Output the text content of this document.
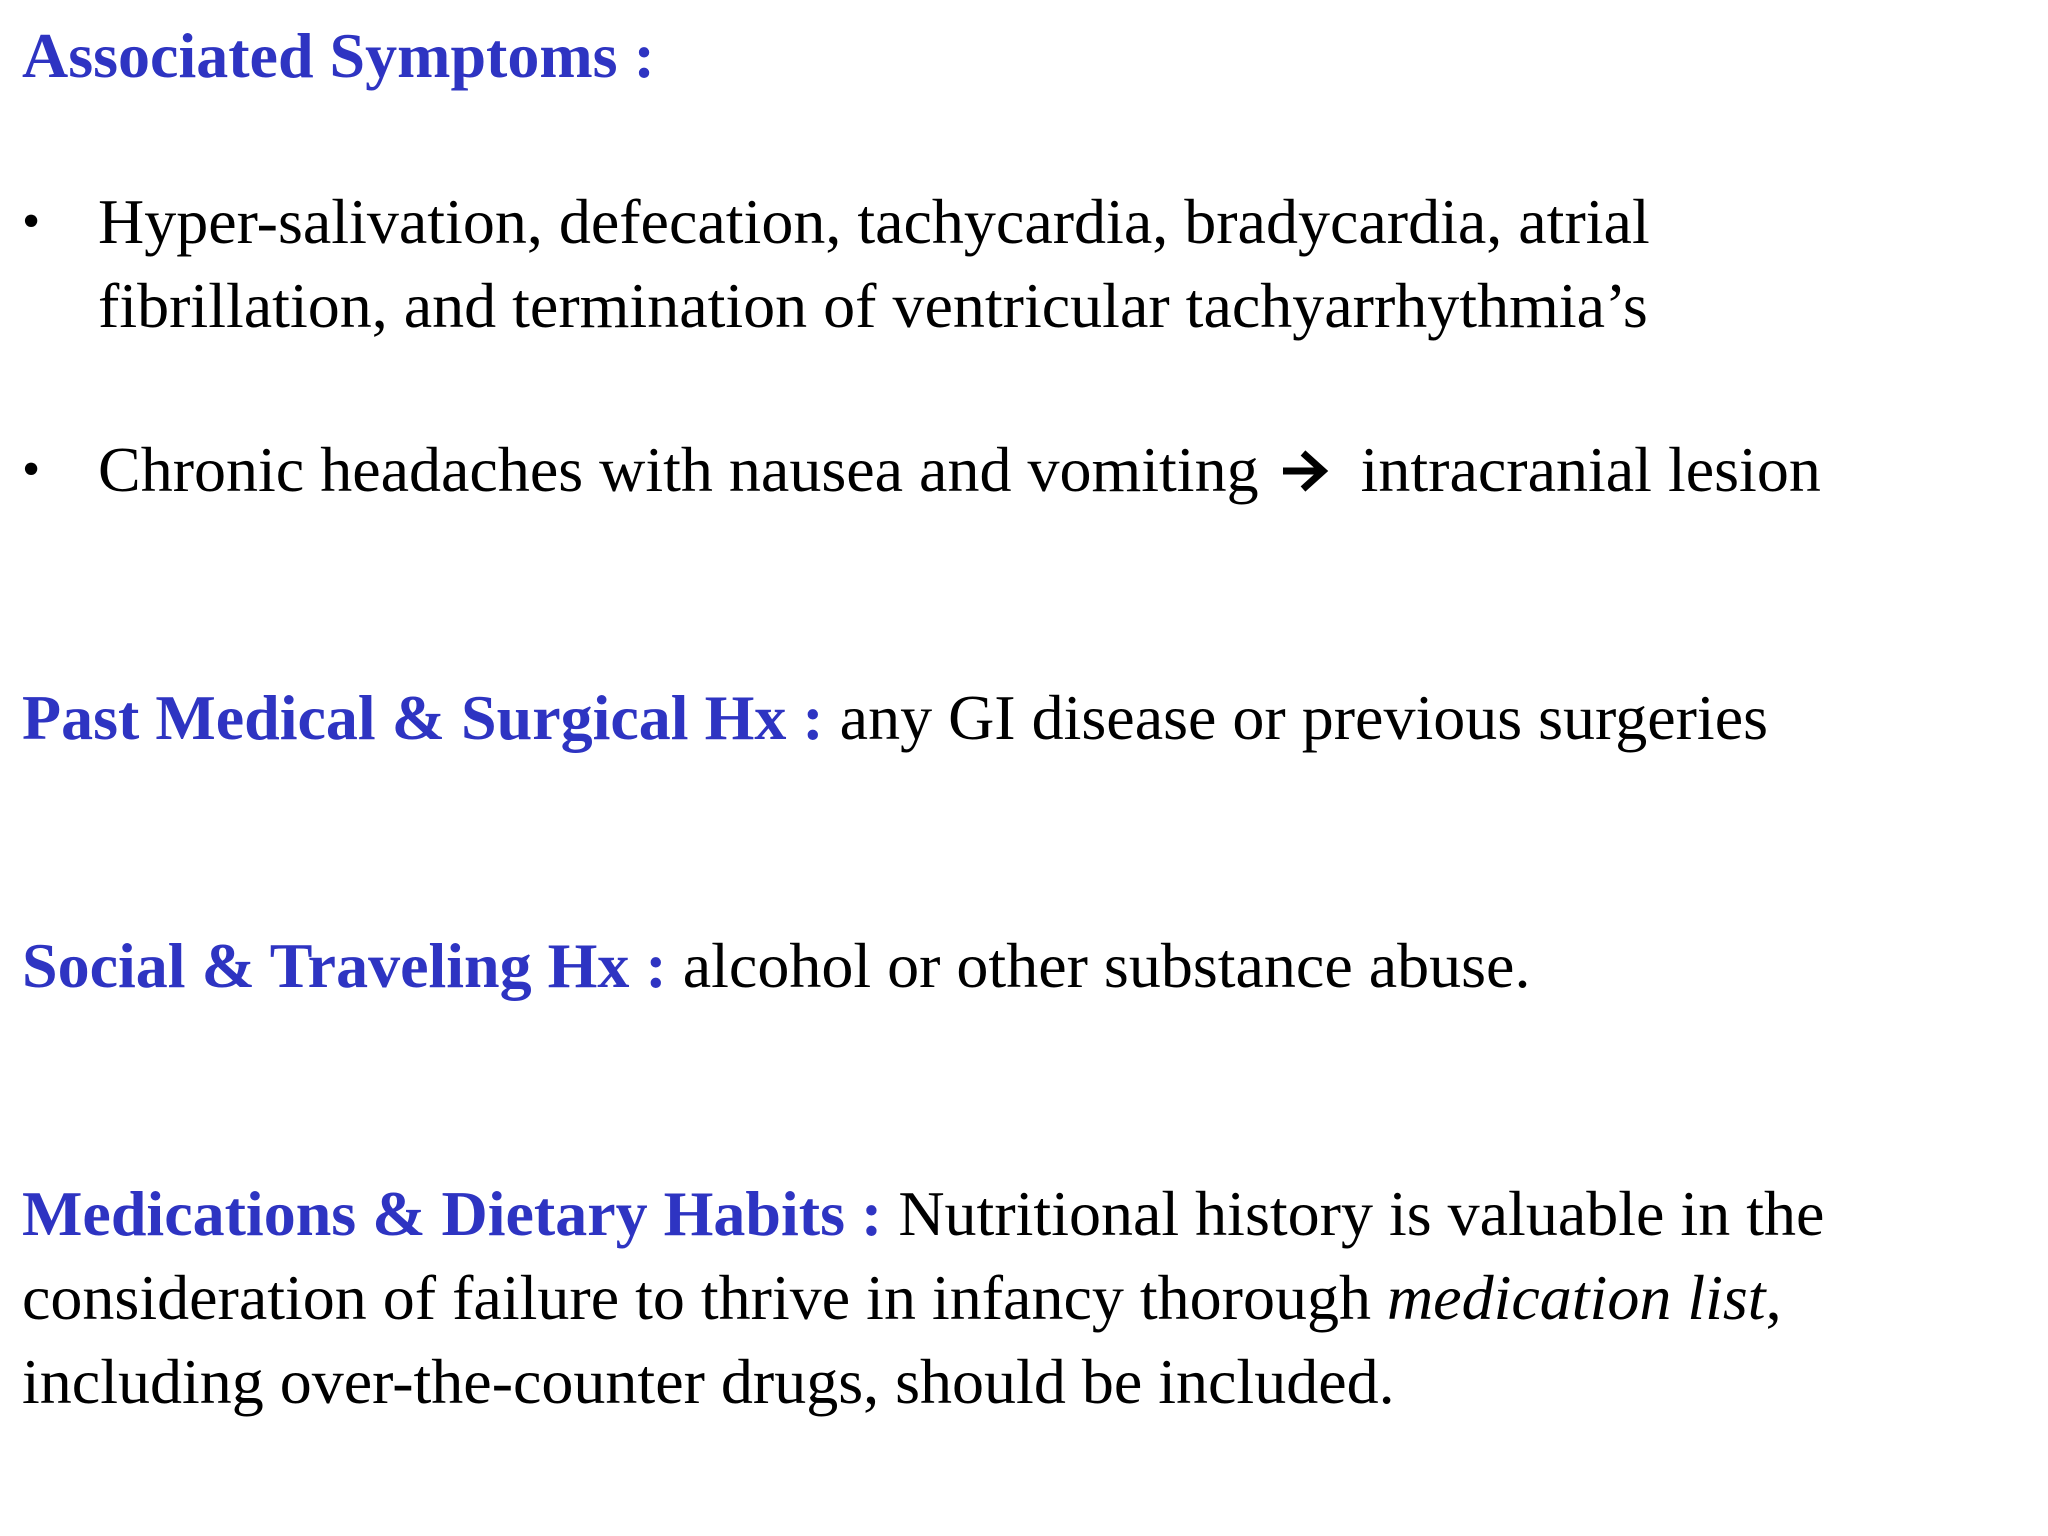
Associated Symptoms :
• Hyper-salivation, defecation, tachycardia, bradycardia, atrial
fibrillation, and termination of ventricular tachyarrhythmia’s
• Chronic headaches with nausea and vomiting intracranial lesion
Past Medical & Surgical Hx : any GI disease or previous surgeries
Social & Traveling Hx : alcohol or other substance abuse.
Medications & Dietary Habits : Nutritional history is valuable in the
consideration of failure to thrive in infancy thorough medication list,
including over-the-counter drugs, should be included.
